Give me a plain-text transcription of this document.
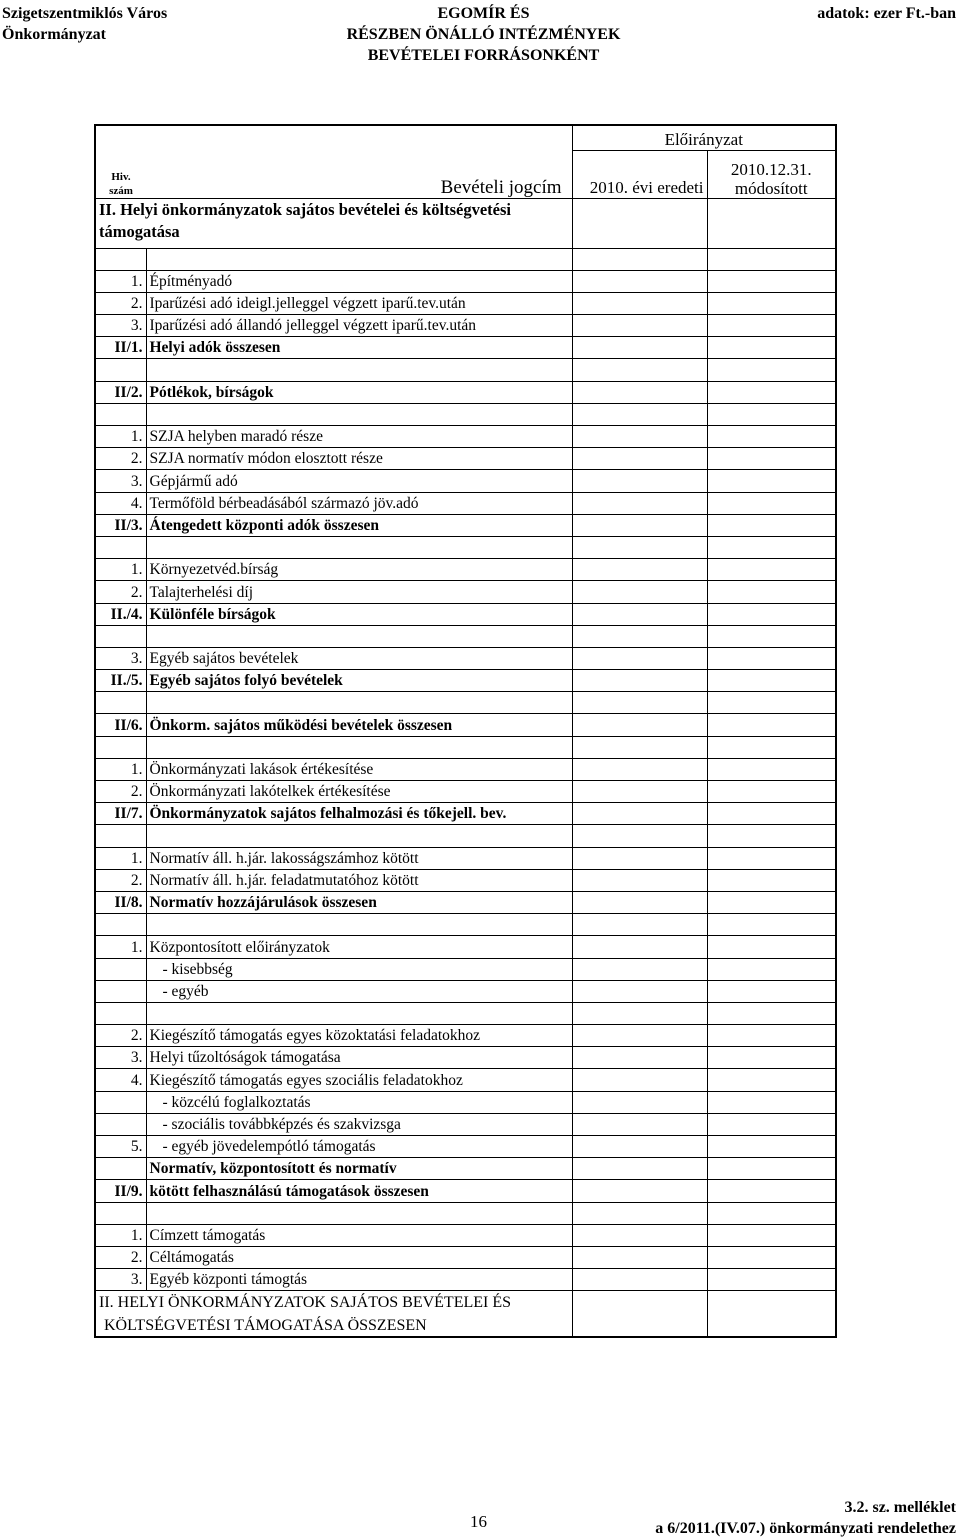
Szigetszentmiklós Város
Önkormányzat
EGOMÍR ÉS
RÉSZBEN ÖNÁLLÓ INTÉZMÉNYEK
BEVÉTELEI FORRÁSONKÉNT
adatok: ezer Ft.-ban
Hiv.
szám	Bevételi jogcím	Előirányzat	
		2010. évi eredeti	2010.12.31.
módosított

II. Helyi önkormányzatok sajátos bevételei és költségvetési támogatása			

1.	Építményadó		
2.	Iparűzési adó ideigl.jelleggel végzett iparű.tev.után		
3.	Iparűzési adó állandó jelleggel végzett iparű.tev.után		
II/1.	Helyi adók összesen		

II/2.	Pótlékok, bírságok		

1.	SZJA helyben maradó része		
2.	SZJA normatív módon elosztott része		
3.	Gépjármű adó		
4.	Termőföld bérbeadásából származó jöv.adó		
II/3.	Átengedett központi adók összesen		

1.	Környezetvéd.bírság		
2.	Talajterhelési díj		
II./4.	Különféle bírságok		

3.	Egyéb sajátos bevételek		
II./5.	Egyéb sajátos folyó bevételek		

II/6.	Önkorm. sajátos működési bevételek összesen		

1.	Önkormányzati lakások értékesítése		
2.	Önkormányzati lakótelkek értékesítése		
II/7.	Önkormányzatok sajátos felhalmozási és tőkejell. bev.		

1.	Normatív áll. h.jár. lakosságszámhoz kötött		
2.	Normatív áll. h.jár. feladatmutatóhoz kötött		
II/8.	Normatív hozzájárulások összesen		

1.	Központosított előirányzatok		
	- kisebbség		
	- egyéb		

2.	Kiegészítő támogatás egyes közoktatási feladatokhoz		
3.	Helyi tűzoltóságok támogatása		
4.	Kiegészítő támogatás egyes szociális feladatokhoz		
	- közcélú foglalkoztatás		
	- szociális továbbképzés és szakvizsga		
5.	- egyéb jövedelempótló támogatás		
	Normatív, központosított és normatív		
II/9.	kötött felhasználású támogatások összesen		

1.	Címzett támogatás		
2.	Céltámogatás		
3.	Egyéb központi támogtás		
II. HELYI ÖNKORMÁNYZATOK SAJÁTOS BEVÉTELEI ÉS			
KÖLTSÉGVETÉSI TÁMOGATÁSA ÖSSZESEN			
16
3.2. sz. melléklet
a 6/2011.(IV.07.) önkormányzati rendelethez
